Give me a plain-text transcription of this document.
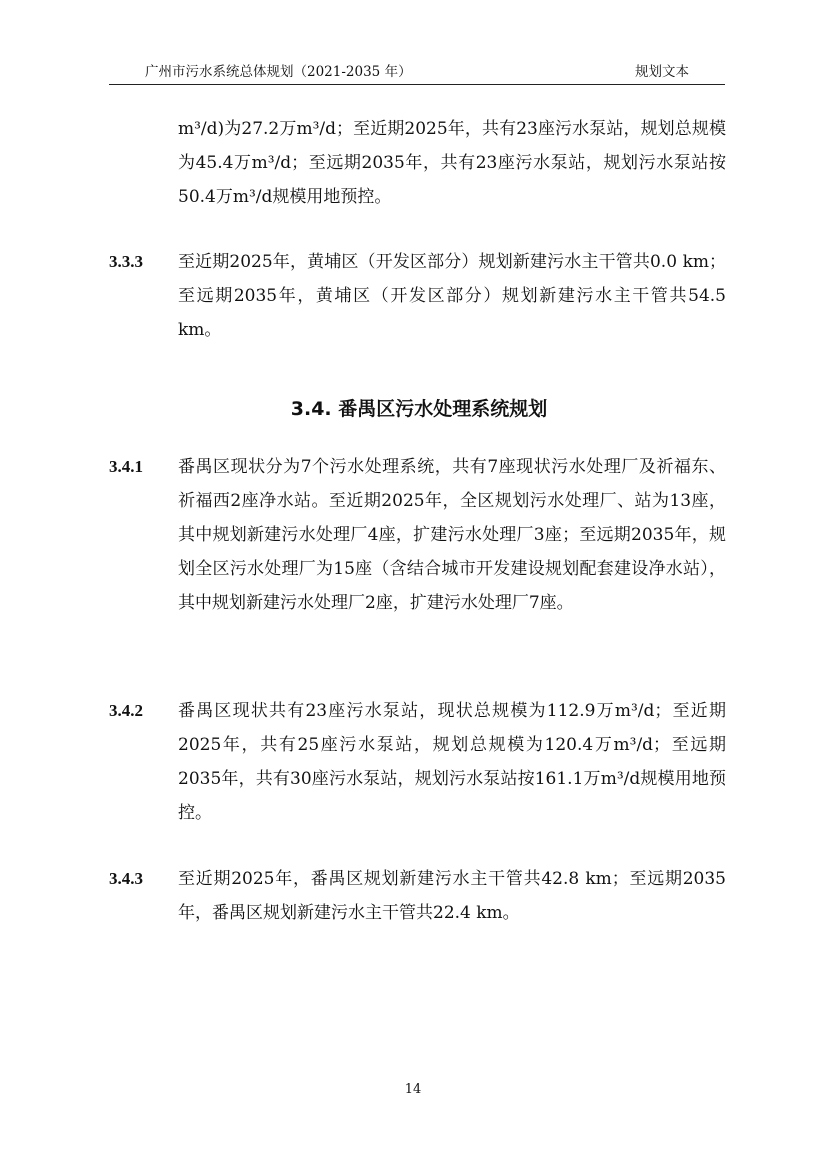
广州市污水系统总体规划（2021-2035 年）	规划文本
m³/d)为27.2万m³/d；至近期2025年，共有23座污水泵站，规划总规模为45.4万m³/d；至远期2035年，共有23座污水泵站，规划污水泵站按50.4万m³/d规模用地预控。
3.3.3	至近期2025年，黄埔区（开发区部分）规划新建污水主干管共0.0 km；至远期2035年，黄埔区（开发区部分）规划新建污水主干管共54.5 km。
3.4. 番禺区污水处理系统规划
3.4.1	番禺区现状分为7个污水处理系统，共有7座现状污水处理厂及祈福东、祈福西2座净水站。至近期2025年，全区规划污水处理厂、站为13座，其中规划新建污水处理厂4座，扩建污水处理厂3座；至远期2035年，规划全区污水处理厂为15座（含结合城市开发建设规划配套建设净水站），其中规划新建污水处理厂2座，扩建污水处理厂7座。
3.4.2	番禺区现状共有23座污水泵站，现状总规模为112.9万m³/d；至近期2025年，共有25座污水泵站，规划总规模为120.4万m³/d；至远期2035年，共有30座污水泵站，规划污水泵站按161.1万m³/d规模用地预控。
3.4.3	至近期2025年，番禺区规划新建污水主干管共42.8 km；至远期2035年，番禺区规划新建污水主干管共22.4 km。
14
